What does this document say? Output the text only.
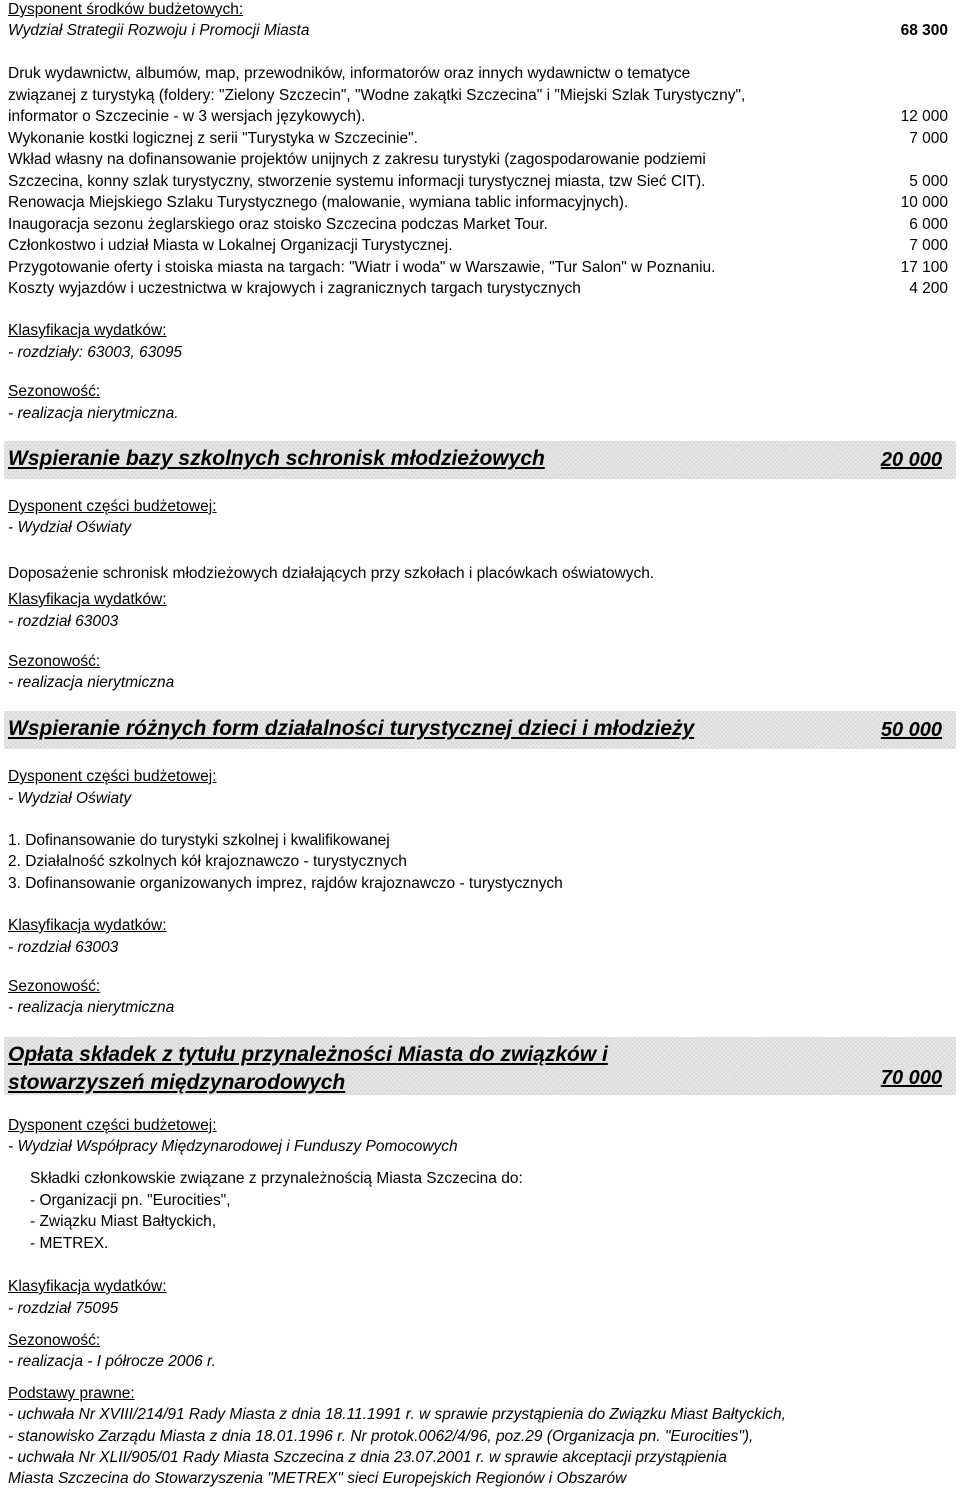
Dysponent środków budżetowych:
Wydział Strategii Rozwoju i Promocji Miasta	68 300
Druk wydawnictw, albumów, map, przewodników, informatorów oraz innych wydawnictw o tematyce
związanej z turystyką (foldery: "Zielony Szczecin", "Wodne zakątki Szczecina" i "Miejski Szlak Turystyczny",
informator o Szczecinie - w 3 wersjach językowych).	12 000
Wykonanie kostki logicznej z serii "Turystyka w Szczecinie".	7 000
Wkład własny na dofinansowanie projektów unijnych z zakresu turystyki (zagospodarowanie podziemi
Szczecina, konny szlak turystyczny, stworzenie systemu informacji turystycznej miasta, tzw Sieć CIT).	5 000
Renowacja Miejskiego Szlaku Turystycznego (malowanie, wymiana tablic informacyjnych).	10 000
Inaugoracja sezonu żeglarskiego oraz stoisko Szczecina podczas Market Tour.	6 000
Członkostwo i udział Miasta w Lokalnej Organizacji Turystycznej.	7 000
Przygotowanie oferty i stoiska miasta na targach: "Wiatr i woda" w Warszawie, "Tur Salon" w Poznaniu.	17 100
Koszty wyjazdów i uczestnictwa w krajowych i zagranicznych targach turystycznych	4 200
Klasyfikacja wydatków:
- rozdziały: 63003, 63095
Sezonowość:
- realizacja nierytmiczna.
Wspieranie bazy szkolnych schronisk młodzieżowych	20 000
Dysponent części budżetowej:
- Wydział Oświaty
Doposażenie schronisk młodzieżowych działających przy szkołach i placówkach oświatowych.
Klasyfikacja wydatków:
- rozdział 63003
Sezonowość:
- realizacja nierytmiczna
Wspieranie różnych form działalności turystycznej dzieci i młodzieży	50 000
Dysponent części budżetowej:
- Wydział Oświaty
1. Dofinansowanie do turystyki szkolnej i kwalifikowanej
2. Działalność szkolnych kół krajoznawczo - turystycznych
3. Dofinansowanie organizowanych imprez, rajdów krajoznawczo - turystycznych
Klasyfikacja wydatków:
- rozdział 63003
Sezonowość:
- realizacja nierytmiczna
Opłata składek z tytułu przynależności Miasta do związków i
stowarzyszeń międzynarodowych	70 000
Dysponent części budżetowej:
- Wydział Współpracy Międzynarodowej i Funduszy Pomocowych
Składki członkowskie związane z przynależnością Miasta Szczecina do:
- Organizacji pn. "Eurocities",
- Związku Miast Bałtyckich,
- METREX.
Klasyfikacja wydatków:
- rozdział 75095
Sezonowość:
- realizacja - I półrocze 2006 r.
Podstawy prawne:
- uchwała Nr XVIII/214/91 Rady Miasta z dnia 18.11.1991 r. w sprawie przystąpienia do Związku Miast Bałtyckich,
- stanowisko Zarządu Miasta z dnia 18.01.1996 r. Nr protok.0062/4/96, poz.29 (Organizacja pn. "Eurocities"),
- uchwała Nr XLII/905/01 Rady Miasta Szczecina z dnia 23.07.2001 r. w sprawie akceptacji przystąpienia
Miasta Szczecina do Stowarzyszenia "METREX" sieci Europejskich Regionów i Obszarów
